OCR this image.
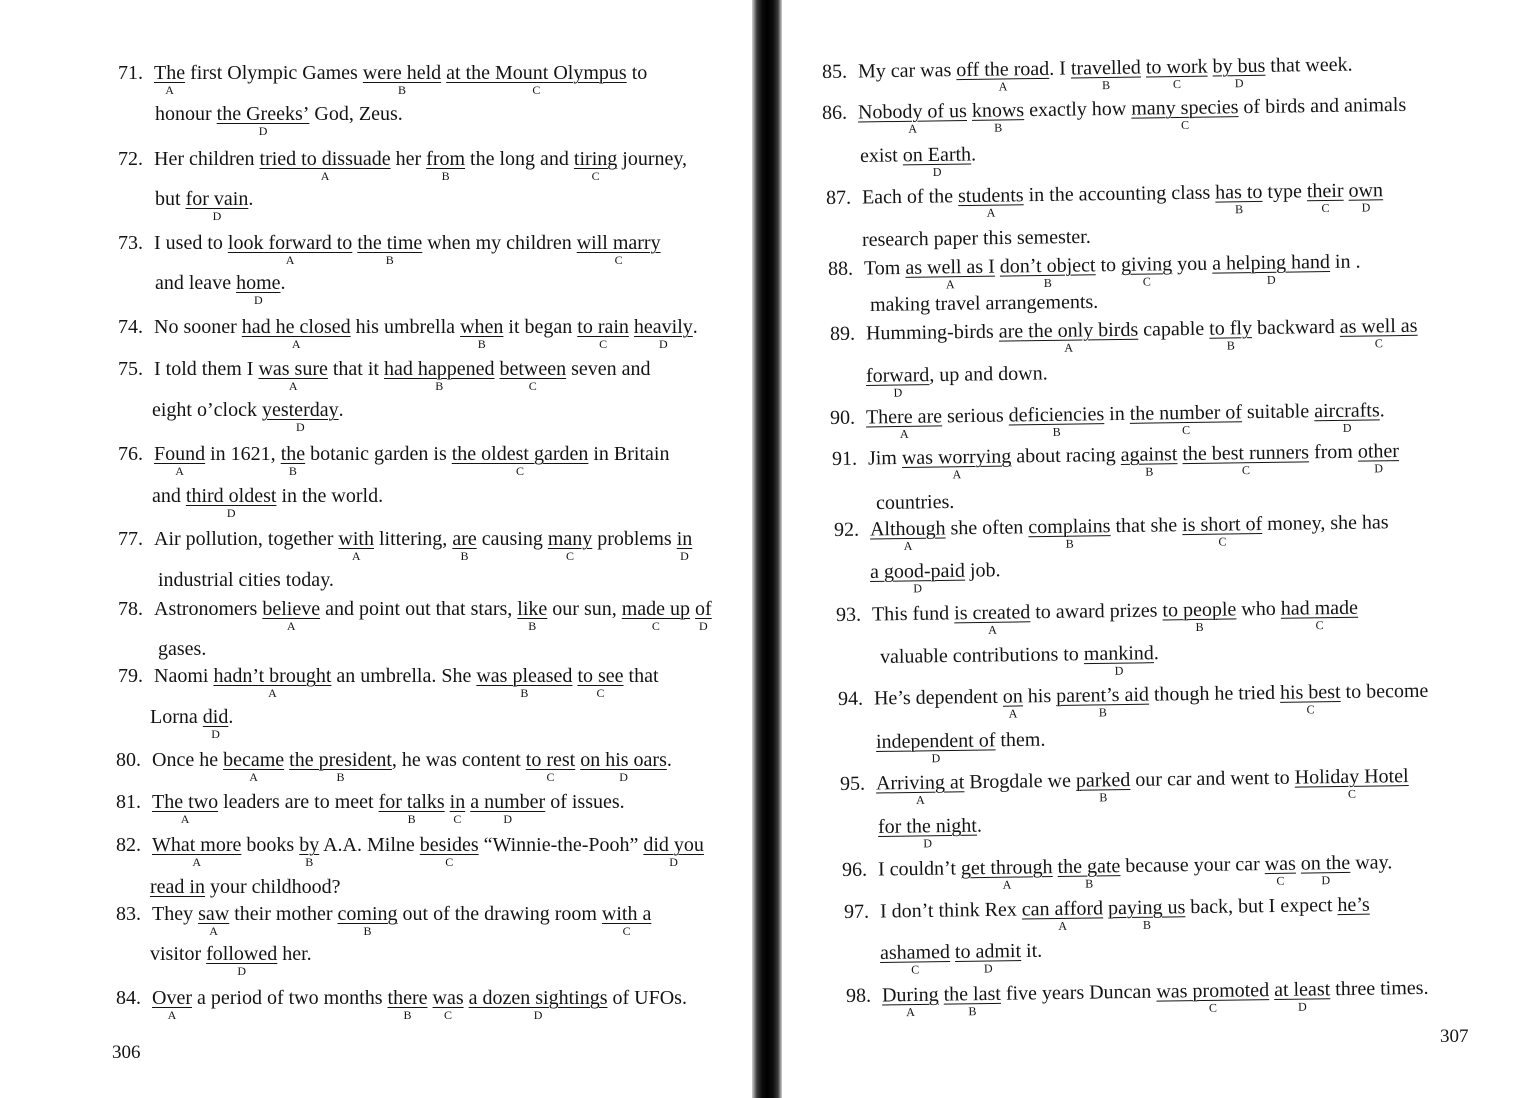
71. The
A
first Olympic Games were held
B
at the Mount Olympus
C
to
honour the Greeks’
D
God, Zeus.
72. Her children tried to dissuade
A
her from
B
the long and tiring
C
journey,
but for vain
D
.
73. I used to look forward to
A
the time
B
when my children will marry
C
and leave home
D
.
74. No sooner had he closed
A
his umbrella when
B
it began to rain
C
heavily
D
.
75. I told them I was sure
A
that it had happened
B
between
C
seven and
eight o’clock yesterday
D
.
76. Found
A
in 1621, the
B
botanic garden is the oldest garden
C
in Britain
and third oldest
D
in the world.
77. Air pollution, together with
A
littering, are
B
causing many
C
problems in
D
industrial cities today.
78. Astronomers believe
A
and point out that stars, like
B
our sun, made up
C
of
D
gases.
79. Naomi hadn’t brought
A
an umbrella. She was pleased
B
to see
C
that
Lorna did
D
.
80. Once he became
A
the president
B
, he was content to rest
C
on his oars
D
.
81. The two
A
leaders are to meet for talks
B
in
C
a number
D
of issues.
82. What more
A
books by
B
A.A. Milne besides
C
“Winnie-the-Pooh” did you
D
read in your childhood?
83. They saw
A
their mother coming
B
out of the drawing room with a
C
visitor followed
D
her.
84. Over
A
a period of two months there
B
was
C
a dozen sightings
D
of UFOs.
306
85. My car was off the road
A
. I travelled
B
to work
C
by bus
D
that week.
86. Nobody of us
A
knows
B
exactly how many species
C
of birds and animals
exist on Earth
D
.
87. Each of the students
A
in the accounting class has to
B
type their
C
own
D
research paper this semester.
88. Tom as well as I
A
don’t object
B
to giving
C
you a helping hand
D
in .
making travel arrangements.
89. Humming-birds are the only birds
A
capable to fly
B
backward as well as
C
forward
D
, up and down.
90. There are
A
serious deficiencies
B
in the number of
C
suitable aircrafts
D
.
91. Jim was worrying
A
about racing against
B
the best runners
C
from other
D
countries.
92. Although
A
she often complains
B
that she is short of
C
money, she has
a good-paid
D
job.
93. This fund is created
A
to award prizes to people
B
who had made
C
valuable contributions to mankind
D
.
94. He’s dependent on
A
his parent’s aid
B
though he tried his best
C
to become
independent of
D
them.
95. Arriving at
A
Brogdale we parked
B
our car and went to Holiday Hotel
C
for the night
D
.
96. I couldn’t get through
A
the gate
B
because your car was
C
on the
D
way.
97. I don’t think Rex can afford
A
paying us
B
back, but I expect he’s
ashamed
C
to admit
D
it.
98. During
A
the last
B
five years Duncan was promoted
C
at least
D
three times.
307
